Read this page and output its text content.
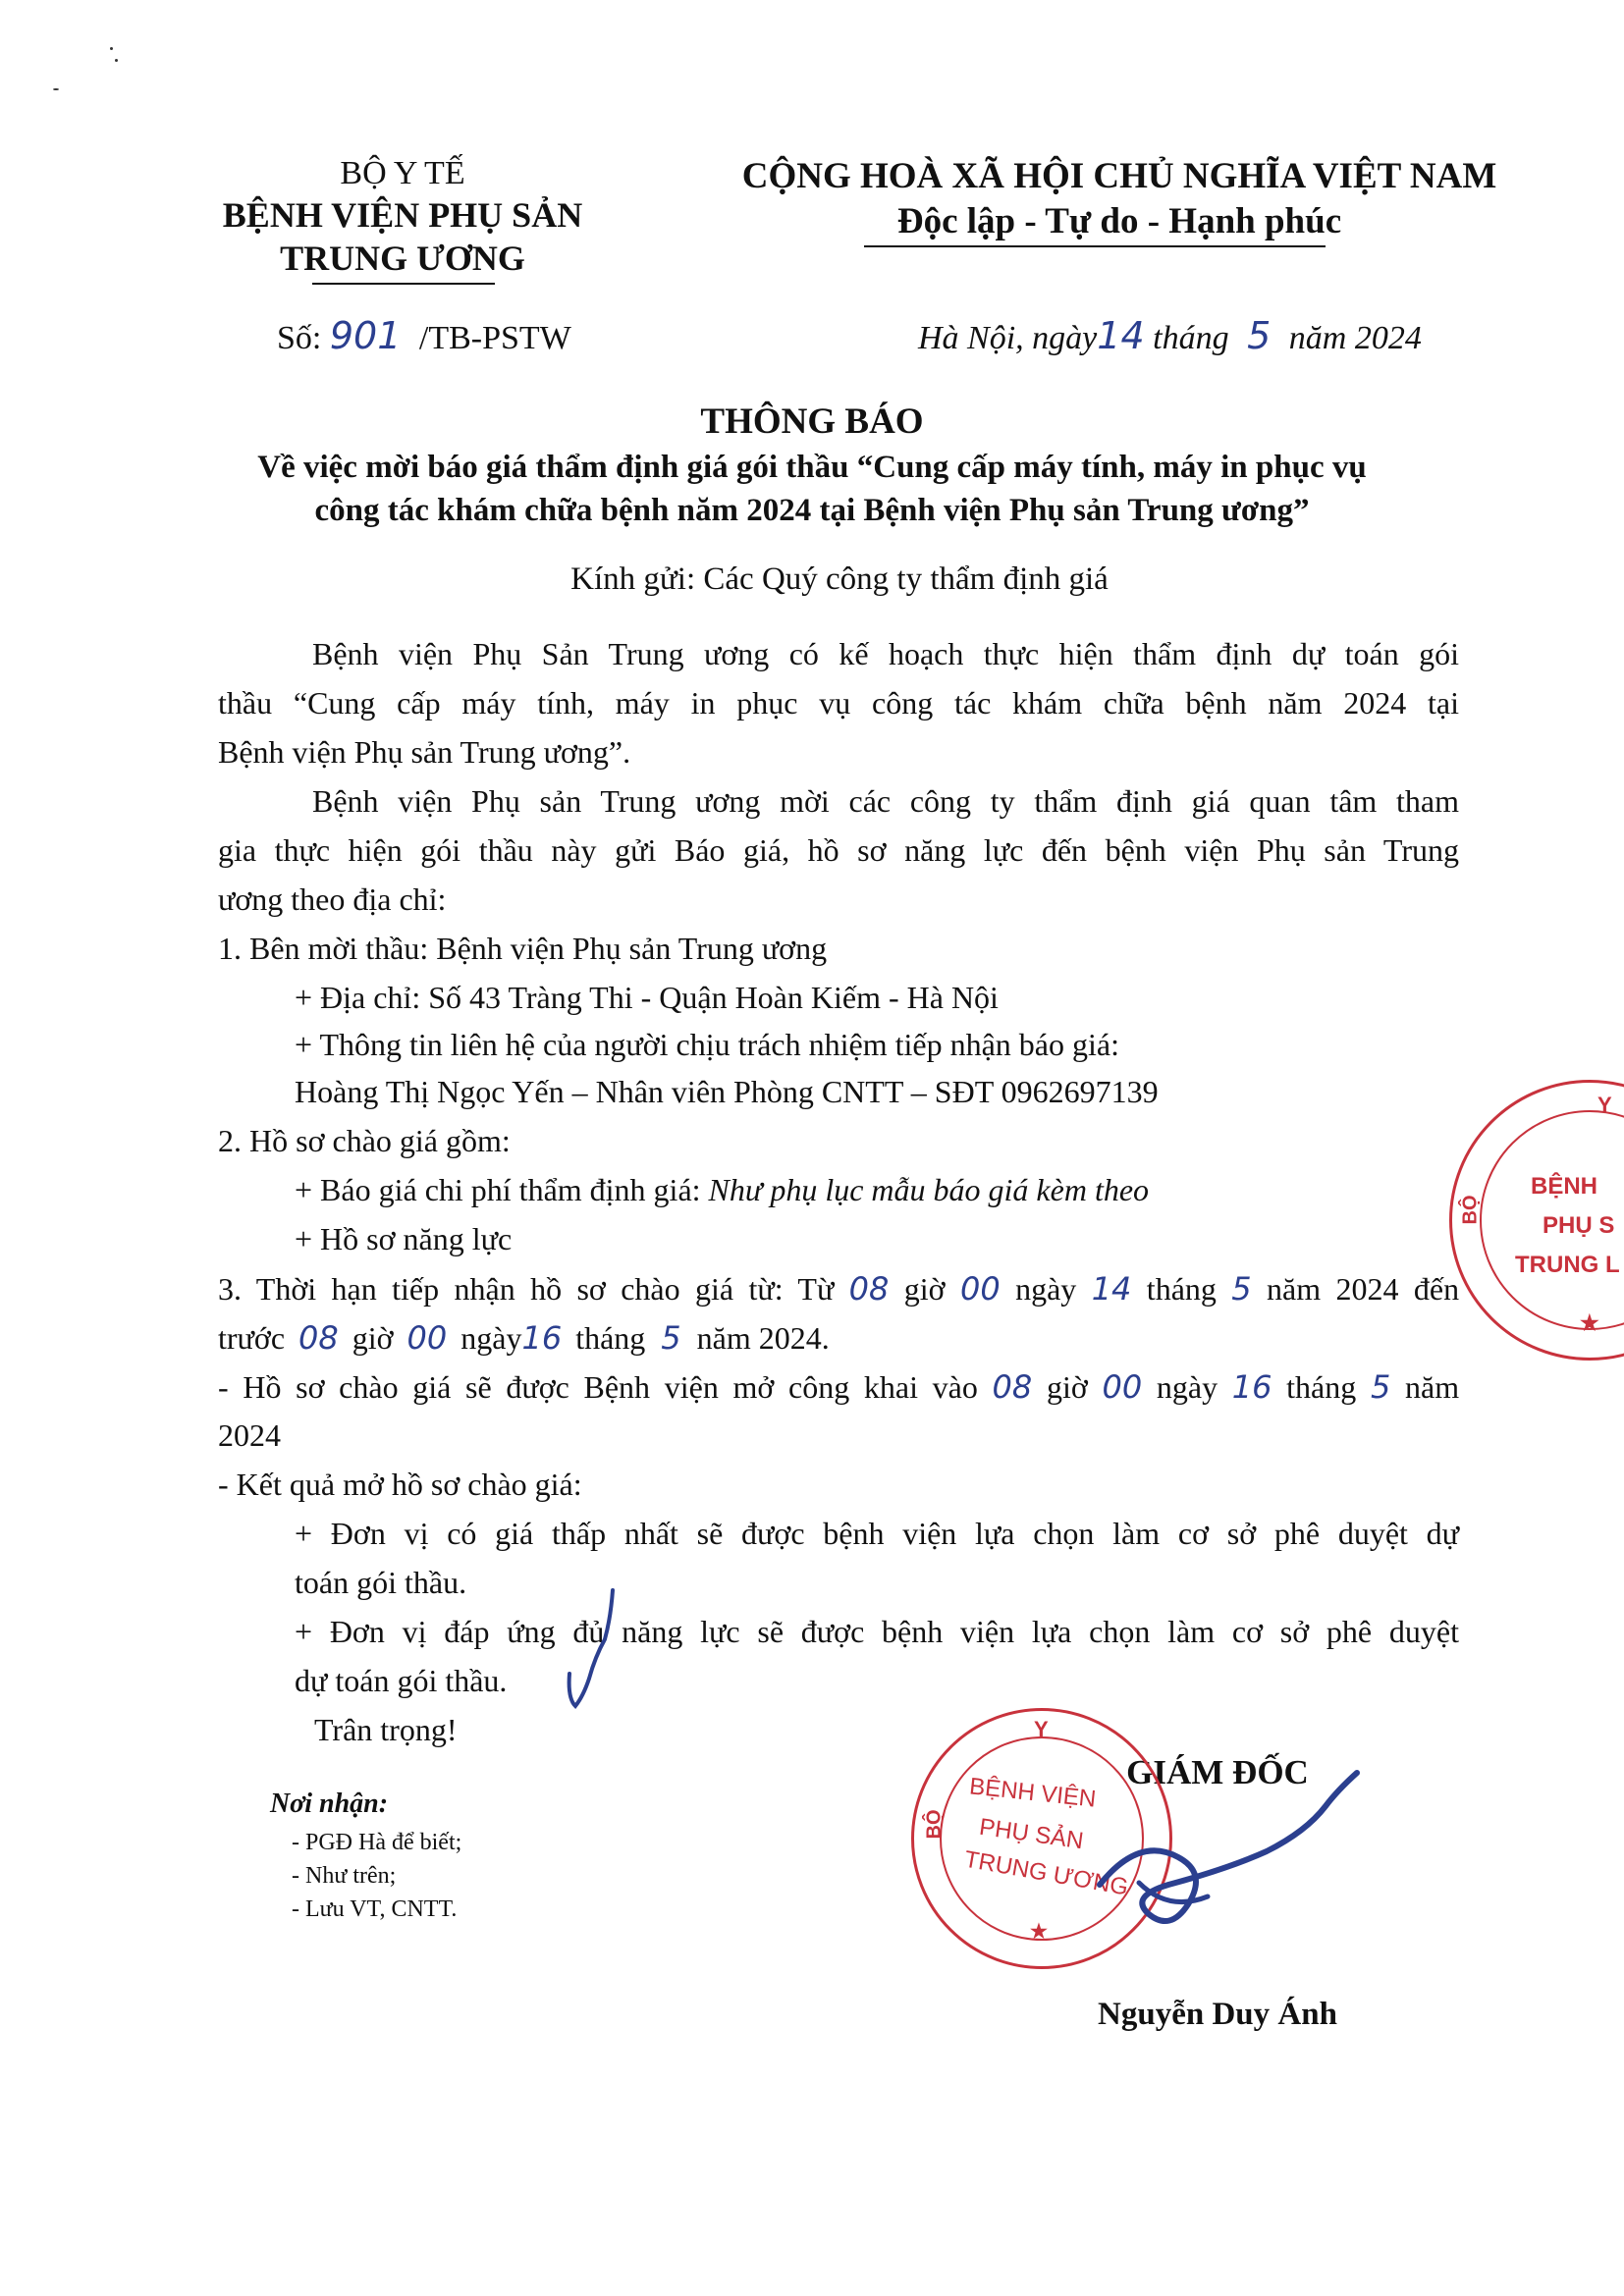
BỘ Y TẾ
BỆNH VIỆN PHỤ SẢN
TRUNG ƯƠNG
Số: 901 /TB-PSTW
CỘNG HOÀ XÃ HỘI CHỦ NGHĨA VIỆT NAM
Độc lập - Tự do - Hạnh phúc
Hà Nội, ngày14 tháng 5 năm 2024
THÔNG BÁO
Về việc mời báo giá thẩm định giá gói thầu “Cung cấp máy tính, máy in phục vụ
công tác khám chữa bệnh năm 2024 tại Bệnh viện Phụ sản Trung ương”
Kính gửi: Các Quý công ty thẩm định giá
Bệnh viện Phụ Sản Trung ương có kế hoạch thực hiện thẩm định dự toán gói
thầu “Cung cấp máy tính, máy in phục vụ công tác khám chữa bệnh năm 2024 tại
Bệnh viện Phụ sản Trung ương”.
Bệnh viện Phụ sản Trung ương mời các công ty thẩm định giá quan tâm tham
gia thực hiện gói thầu này gửi Báo giá, hồ sơ năng lực đến bệnh viện Phụ sản Trung
ương theo địa chỉ:
1. Bên mời thầu: Bệnh viện Phụ sản Trung ương
+ Địa chỉ: Số 43 Tràng Thi - Quận Hoàn Kiếm - Hà Nội
+ Thông tin liên hệ của người chịu trách nhiệm tiếp nhận báo giá:
Hoàng Thị Ngọc Yến – Nhân viên Phòng CNTT – SĐT 0962697139
2. Hồ sơ chào giá gồm:
+ Báo giá chi phí thẩm định giá: Như phụ lục mẫu báo giá kèm theo
+ Hồ sơ năng lực
3. Thời hạn tiếp nhận hồ sơ chào giá từ: Từ 08 giờ 00 ngày 14 tháng 5 năm 2024 đến
trước 08 giờ 00 ngày16 tháng 5 năm 2024.
- Hồ sơ chào giá sẽ được Bệnh viện mở công khai vào 08 giờ 00 ngày 16 tháng 5 năm
2024
- Kết quả mở hồ sơ chào giá:
+ Đơn vị có giá thấp nhất sẽ được bệnh viện lựa chọn làm cơ sở phê duyệt dự
toán gói thầu.
+ Đơn vị đáp ứng đủ năng lực sẽ được bệnh viện lựa chọn làm cơ sở phê duyệt
dự toán gói thầu.
Trân trọng!
Nơi nhận:
- PGĐ Hà để biết;
- Như trên;
- Lưu VT, CNTT.
Y
BỘ
BỆNH
PHỤ S
TRUNG L
★
GIÁM ĐỐC
Y
BỘ
BỆNH VIỆN
PHỤ SẢN
TRUNG ƯƠNG
★
Nguyễn Duy Ánh
